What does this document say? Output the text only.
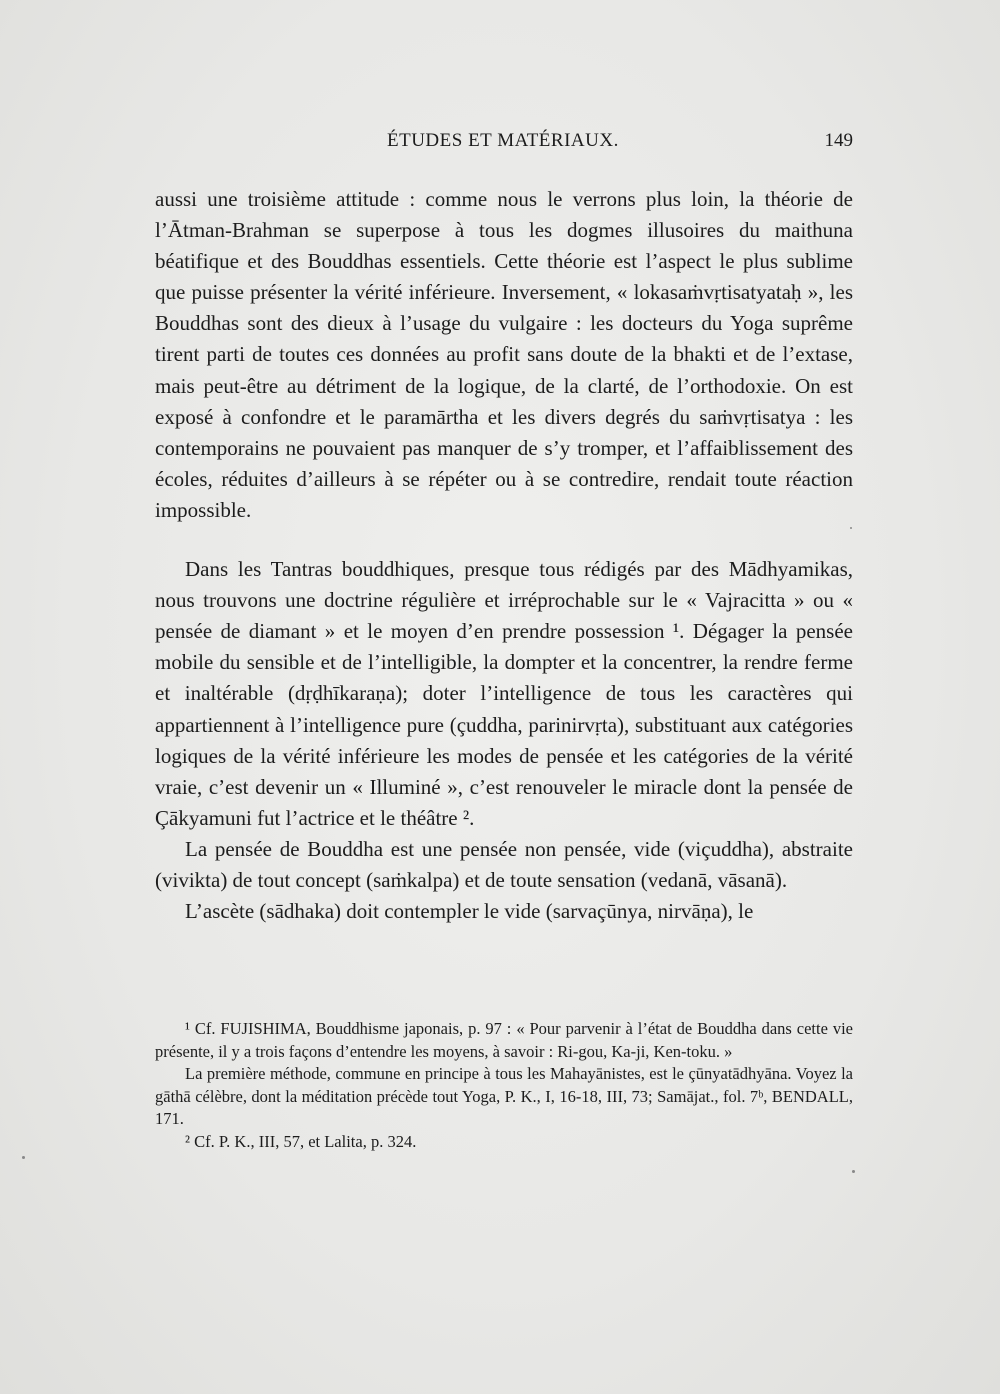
ÉTUDES ET MATÉRIAUX.	149

aussi une troisième attitude : comme nous le verrons plus loin, la théorie de l’Ātman-Brahman se superpose à tous les dogmes illusoires du maithuna béatifique et des Bouddhas essentiels. Cette théorie est l’aspect le plus sublime que puisse présenter la vérité inférieure. Inversement, « lokasaṁvṛtisatyataḥ », les Bouddhas sont des dieux à l’usage du vulgaire : les docteurs du Yoga suprême tirent parti de toutes ces données au profit sans doute de la bhakti et de l’extase, mais peut-être au détriment de la logique, de la clarté, de l’orthodoxie. On est exposé à confondre et le paramārtha et les divers degrés du saṁvṛtisatya : les contemporains ne pouvaient pas manquer de s’y tromper, et l’affaiblissement des écoles, réduites d’ailleurs à se répéter ou à se contredire, rendait toute réaction impossible.

Dans les Tantras bouddhiques, presque tous rédigés par des Mādhyamikas, nous trouvons une doctrine régulière et irréprochable sur le « Vajracitta » ou « pensée de diamant » et le moyen d’en prendre possession ¹. Dégager la pensée mobile du sensible et de l’intelligible, la dompter et la concentrer, la rendre ferme et inaltérable (dṛḍhīkaraṇa); doter l’intelligence de tous les caractères qui appartiennent à l’intelligence pure (çuddha, parinirvṛta), substituant aux catégories logiques de la vérité inférieure les modes de pensée et les catégories de la vérité vraie, c’est devenir un « Illuminé », c’est renouveler le miracle dont la pensée de Çākyamuni fut l’actrice et le théâtre ².

La pensée de Bouddha est une pensée non pensée, vide (viçuddha), abstraite (vivikta) de tout concept (saṁkalpa) et de toute sensation (vedanā, vāsanā).

L’ascète (sādhaka) doit contempler le vide (sarvaçūnya, nirvāṇa), le

¹ Cf. FUJISHIMA, Bouddhisme japonais, p. 97 : « Pour parvenir à l’état de Bouddha dans cette vie présente, il y a trois façons d’entendre les moyens, à savoir : Ri-gou, Ka-ji, Ken-toku. »

La première méthode, commune en principe à tous les Mahayānistes, est le çūnyatādhyāna. Voyez la gāthā célèbre, dont la méditation précède tout Yoga, P. K., I, 16-18, III, 73; Samājat., fol. 7ᵇ, BENDALL, 171.

² Cf. P. K., III, 57, et Lalita, p. 324.
